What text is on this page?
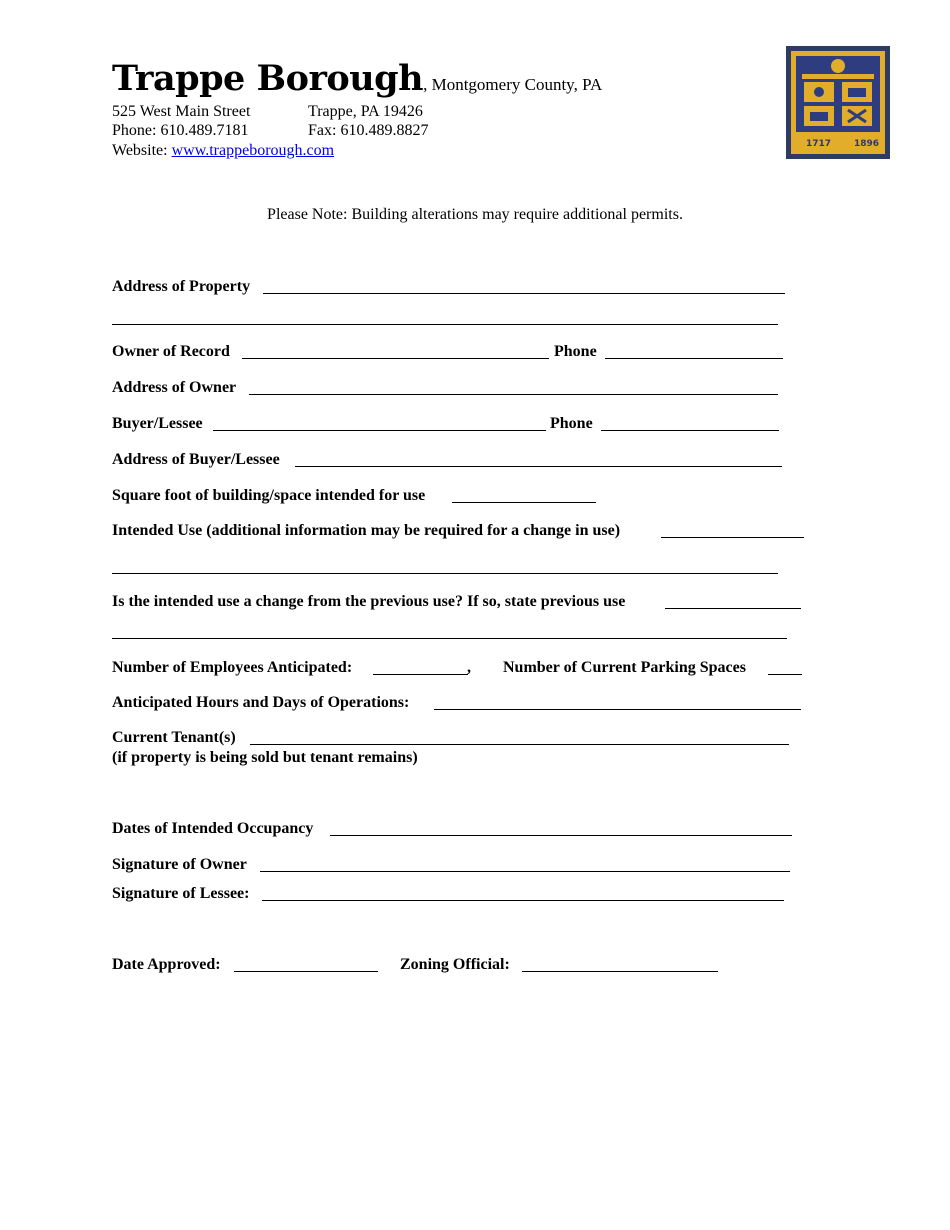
Trappe Borough, Montgomery County, PA
525 West Main Street	Trappe, PA 19426
Phone: 610.489.7181	Fax: 610.489.8827
Website: www.trappeborough.com	1717	1896
Please Note: Building alterations may require additional permits.
Address of Property
Owner of Record	Phone
Address of Owner
Buyer/Lessee	Phone
Address of Buyer/Lessee
Square foot of building/space intended for use
Intended Use (additional information may be required for a change in use)
Is the intended use a change from the previous use? If so, state previous use
Number of Employees Anticipated:	, Number of Current Parking Spaces
Anticipated Hours and Days of Operations:
Current Tenant(s)
(if property is being sold but tenant remains)
Dates of Intended Occupancy
Signature of Owner
Signature of Lessee:
Date Approved:	Zoning Official:
